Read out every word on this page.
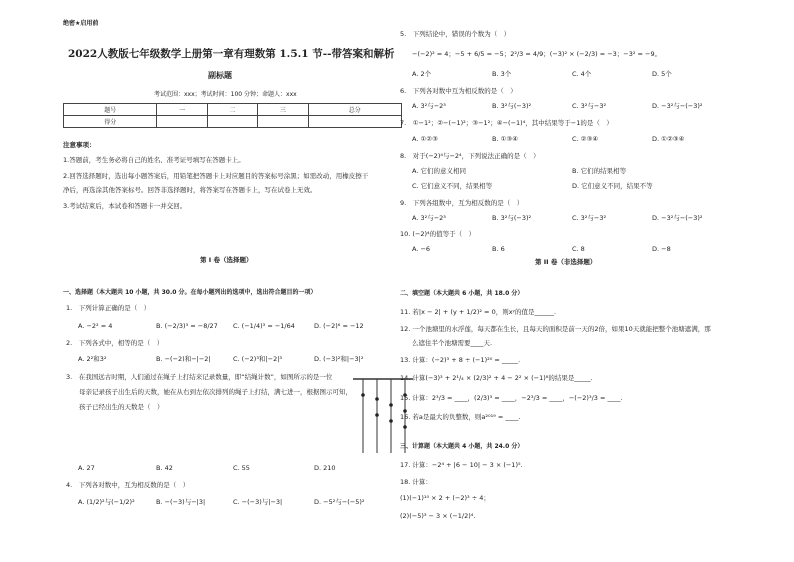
绝密★启用前
2022人教版七年级数学上册第一章有理数第 1.5.1 节--带答案和解析
副标题
考试范围：xxx；考试时间：100 分钟；命题人：xxx
题号	一	二	三	总分
得分				
注意事项：
1.答题前，考生务必将自己的姓名、准考证号填写在答题卡上。
2.回答选择题时，选出每小题答案后，用铅笔把答题卡上对应题目的答案标号涂黑；如需改动，用橡皮擦干
净后，再选涂其他答案标号。回答非选择题时，将答案写在答题卡上，写在试卷上无效。
3.考试结束后，本试卷和答题卡一并交回。
第 I 卷（选择题）
一、选择题（本大题共 10 小题，共 30.0 分。在每小题列出的选项中，选出符合题目的一项）
1.　下列计算正确的是（　）
A. −2² = 4	B. (−2/3)³ = −8/27 C. (−1/4)³ = −1/64	D. (−2)⁶ = −12
2.　下列各式中，相等的是（　）
A. 2²和3²	B. −(−2)和−|−2|	C. (−2)³和|−2|³	D. (−3)²和|−3|²
3.　在我国远古时期，人们通过在绳子上打结来记录数量，即“结绳计数”，如图所示的是一位
　　母亲记录孩子出生后的天数，她在从右到左依次排列的绳子上打结，满七进一，根据图示可知，
　　孩子已经出生的天数是（　）
A. 27	B. 42	C. 55	D. 210
4.　下列各对数中，互为相反数的是（　）
A. (1/2)²与(−1/2)²	B. −(−3)与−|3|	C. −(−3)与|−3|	D. −5²与−(−5)²
5.　下列结论中，错误的个数为（　）
−(−2)² = 4；−5 + 6/5 = −5；2²/3 = 4/9；(−3)² × (−2/3) = −3；−3² = −9。
A. 2个	B. 3个	C. 4个	D. 5个
6.　下列各对数中互为相反数的是（　）
A. 3²与−2³	B. 3²与(−3)²	C. 3²与−3²	D. −3²与−(−3)²
7.　①−1²；②−(−1)²；③−1²；④−(−1)⁴，其中结果等于−1的是（　）
A. ①②③	B. ①③④	C. ②③④	D. ①②③④
8.　对于(−2)⁴与−2⁴，下列说法正确的是（　）
A. 它们的意义相同	B. 它们的结果相等
C. 它们意义不同，结果相等	D. 它们意义不同，结果不等
9.　下列各组数中，互为相反数的是（　）
A. 3²与−2³	B. 3²与(−3)²	C. 3²与−3²	D. −3²与−(−3)²
10. (−2)⁴的值等于（　）
A. −6	B. 6	C. 8	D. −8
第 II 卷（非选择题）
二、填空题（本大题共 6 小题，共 18.0 分）
11. 若|x − 2| + (y + 1/2)² = 0，则xʸ的值是______.
12. 一个池塘里的水浮莲，每天都在生长，且每天的面积是前一天的2倍，如果10天就能把整个池塘遮满，那
么遮住半个池塘需要____天.
13. 计算：(−2)³ + 8 ÷ (−1)²⁰ = _____.
14. 计算(−3)³ + 2¹/₄ × (2/3)² + 4 − 2² × (−1)⁸的结果是_____.
15. 计算：2³/3 = ____，(2/3)³ = ____，−2³/3 = ____，−(−2)³/3 = ____.
16. 若a是最大的负整数，则a²⁰¹⁹ = ____.
三、计算题（本大题共 4 小题，共 24.0 分）
17. 计算：−2⁴ + |6 − 10| − 3 × (−1)⁵.
18. 计算：
(1)(−1)¹⁰ × 2 + (−2)³ ÷ 4；
(2)(−5)³ − 3 × (−1/2)⁴.
